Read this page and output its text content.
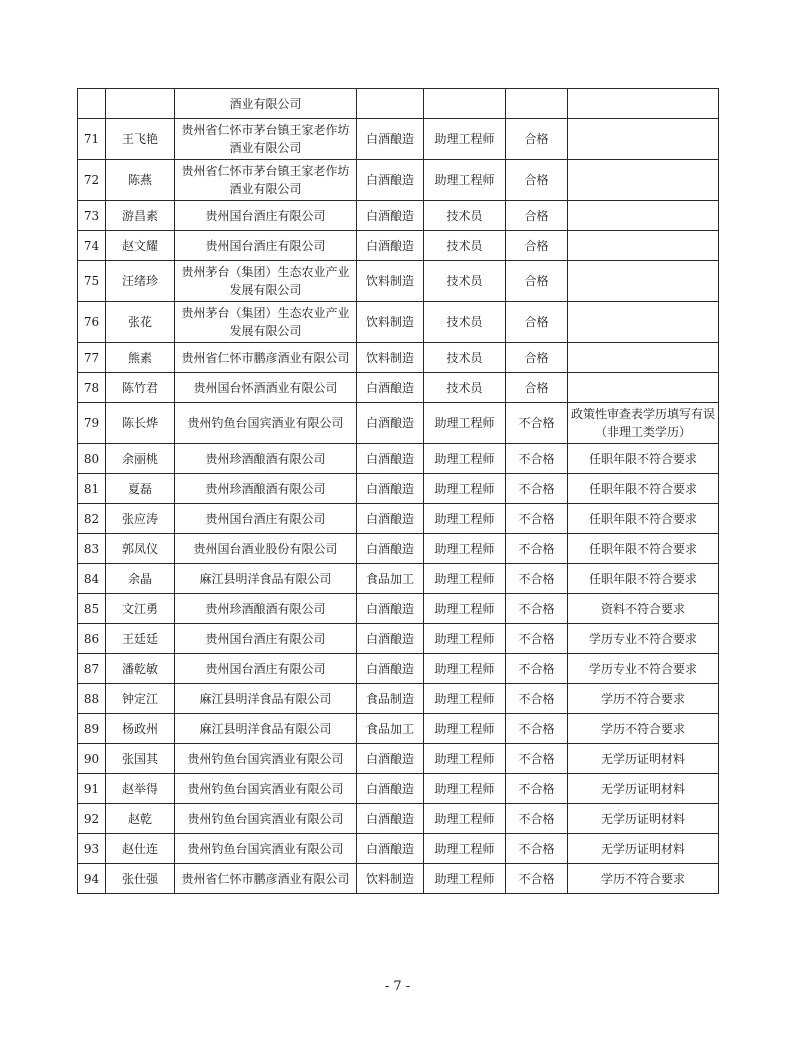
		酒业有限公司				
71	王飞艳	贵州省仁怀市茅台镇王家老作坊酒业有限公司	白酒酿造	助理工程师	合格	
72	陈燕	贵州省仁怀市茅台镇王家老作坊酒业有限公司	白酒酿造	助理工程师	合格	
73	游昌素	贵州国台酒庄有限公司	白酒酿造	技术员	合格	
74	赵文耀	贵州国台酒庄有限公司	白酒酿造	技术员	合格	
75	汪绪珍	贵州茅台（集团）生态农业产业发展有限公司	饮料制造	技术员	合格	
76	张花	贵州茅台（集团）生态农业产业发展有限公司	饮料制造	技术员	合格	
77	熊素	贵州省仁怀市鹏彦酒业有限公司	饮料制造	技术员	合格	
78	陈竹君	贵州国台怀酒酒业有限公司	白酒酿造	技术员	合格	
79	陈长烨	贵州钓鱼台国宾酒业有限公司	白酒酿造	助理工程师	不合格	政策性审查表学历填写有误（非理工类学历）
80	余丽桃	贵州珍酒酿酒有限公司	白酒酿造	助理工程师	不合格	任职年限不符合要求
81	夏磊	贵州珍酒酿酒有限公司	白酒酿造	助理工程师	不合格	任职年限不符合要求
82	张应涛	贵州国台酒庄有限公司	白酒酿造	助理工程师	不合格	任职年限不符合要求
83	郭凤仪	贵州国台酒业股份有限公司	白酒酿造	助理工程师	不合格	任职年限不符合要求
84	余晶	麻江县明洋食品有限公司	食品加工	助理工程师	不合格	任职年限不符合要求
85	文江勇	贵州珍酒酿酒有限公司	白酒酿造	助理工程师	不合格	资料不符合要求
86	王廷廷	贵州国台酒庄有限公司	白酒酿造	助理工程师	不合格	学历专业不符合要求
87	潘乾敏	贵州国台酒庄有限公司	白酒酿造	助理工程师	不合格	学历专业不符合要求
88	钟定江	麻江县明洋食品有限公司	食品制造	助理工程师	不合格	学历不符合要求
89	杨政州	麻江县明洋食品有限公司	食品加工	助理工程师	不合格	学历不符合要求
90	张国其	贵州钓鱼台国宾酒业有限公司	白酒酿造	助理工程师	不合格	无学历证明材料
91	赵举得	贵州钓鱼台国宾酒业有限公司	白酒酿造	助理工程师	不合格	无学历证明材料
92	赵乾	贵州钓鱼台国宾酒业有限公司	白酒酿造	助理工程师	不合格	无学历证明材料
93	赵仕连	贵州钓鱼台国宾酒业有限公司	白酒酿造	助理工程师	不合格	无学历证明材料
94	张仕强	贵州省仁怀市鹏彦酒业有限公司	饮料制造	助理工程师	不合格	学历不符合要求
- 7 -
